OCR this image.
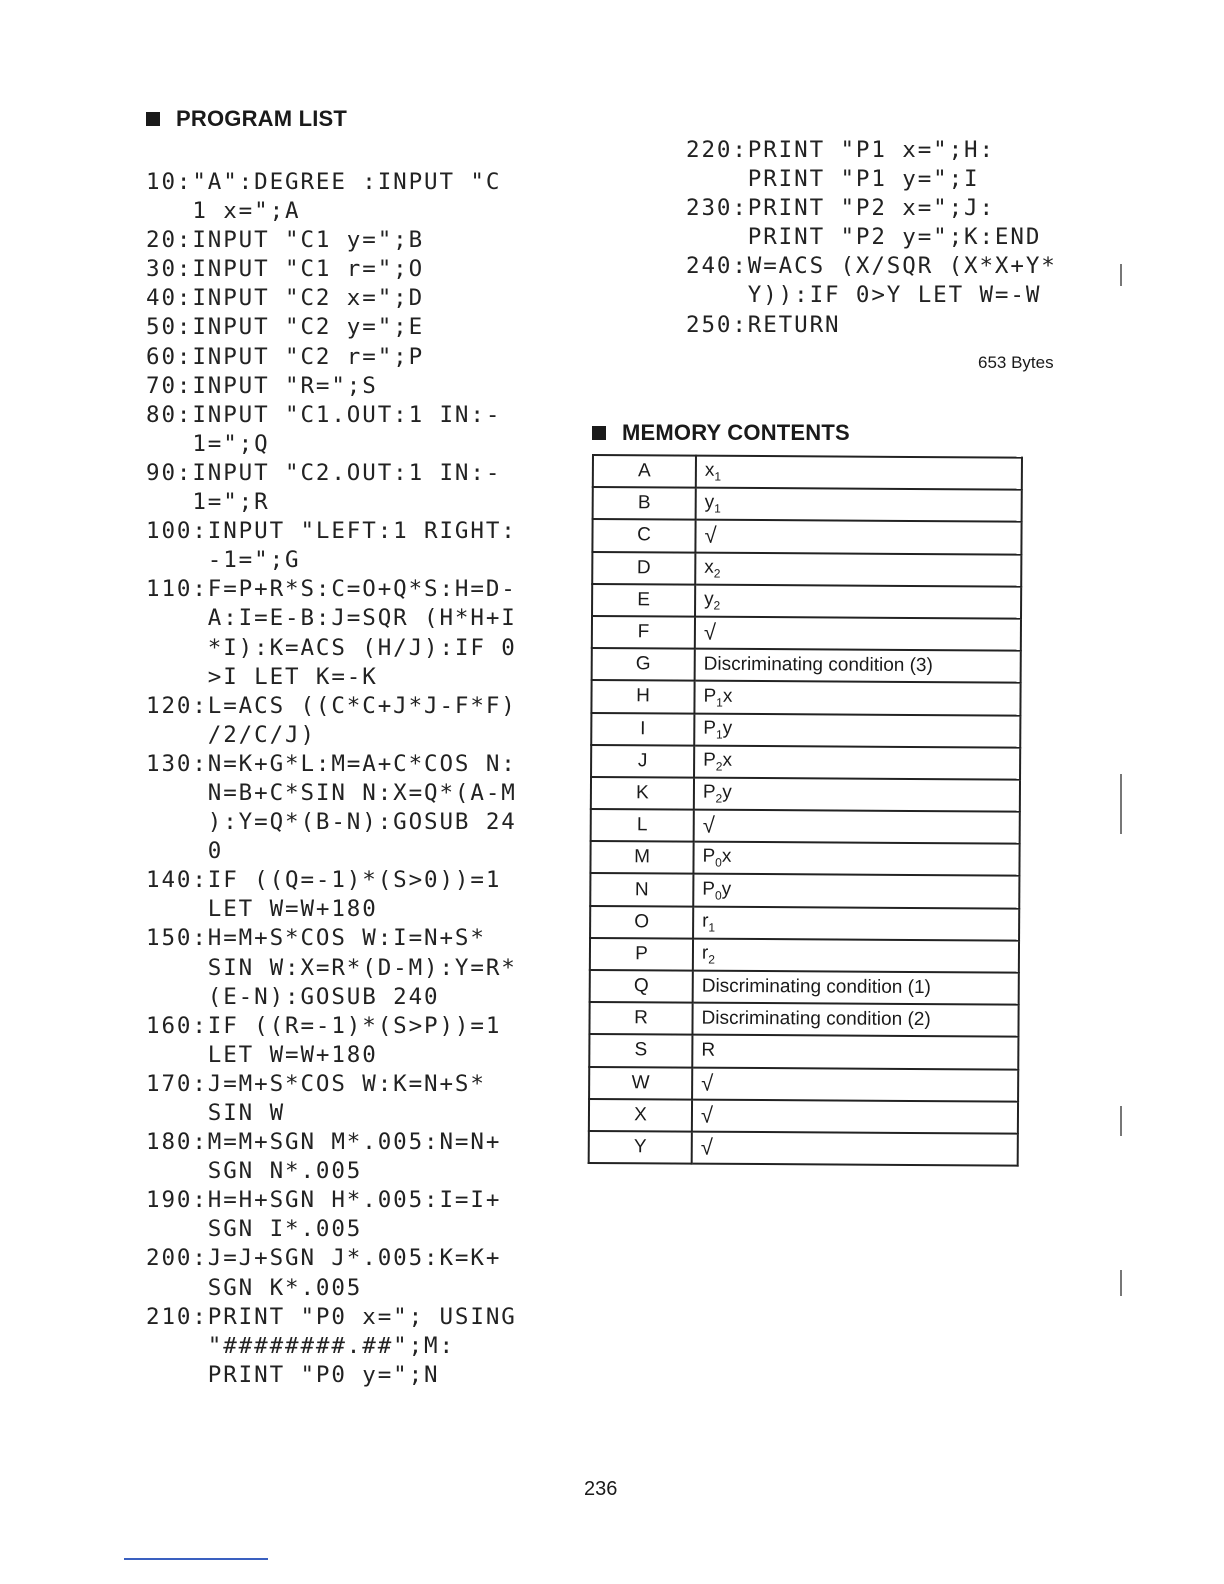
PROGRAM LIST
10:"A":DEGREE :INPUT "C
1 x=";A
20:INPUT "C1 y=";B
30:INPUT "C1 r=";O
40:INPUT "C2 x=";D
50:INPUT "C2 y=";E
60:INPUT "C2 r=";P
70:INPUT "R=";S
80:INPUT "C1.OUT:1 IN:-
1=";Q
90:INPUT "C2.OUT:1 IN:-
1=";R
100:INPUT "LEFT:1 RIGHT:
-1=";G
110:F=P+R*S:C=O+Q*S:H=D-
A:I=E-B:J=SQR (H*H+I
*I):K=ACS (H/J):IF 0
>I LET K=-K
120:L=ACS ((C*C+J*J-F*F)
/2/C/J)
130:N=K+G*L:M=A+C*COS N:
N=B+C*SIN N:X=Q*(A-M
):Y=Q*(B-N):GOSUB 24
0
140:IF ((Q=-1)*(S>0))=1
LET W=W+180
150:H=M+S*COS W:I=N+S*
SIN W:X=R*(D-M):Y=R*
(E-N):GOSUB 240
160:IF ((R=-1)*(S>P))=1
LET W=W+180
170:J=M+S*COS W:K=N+S*
SIN W
180:M=M+SGN M*.005:N=N+
SGN N*.005
190:H=H+SGN H*.005:I=I+
SGN I*.005
200:J=J+SGN J*.005:K=K+
SGN K*.005
210:PRINT "P0 x="; USING
"########.##";M:
PRINT "P0 y=";N

220:PRINT "P1 x=";H:
PRINT "P1 y=";I
230:PRINT "P2 x=";J:
PRINT "P2 y=";K:END
240:W=ACS (X/SQR (X*X+Y*
Y)):IF 0>Y LET W=-W
250:RETURN

653 Bytes
MEMORY CONTENTS
A	$x_1$
B	$y_1$
C	√
D	$x_2$
E	$y_2$
F	√
G	Discriminating condition (3)
H	$P_1x$
I	$P_1y$
J	$P_2x$
K	$P_2y$
L	√
M	$P_0x$
N	$P_0y$
O	$r_1$
P	$r_2$
Q	Discriminating condition (1)
R	Discriminating condition (2)
S	R
W	√
X	√
Y	√
236
